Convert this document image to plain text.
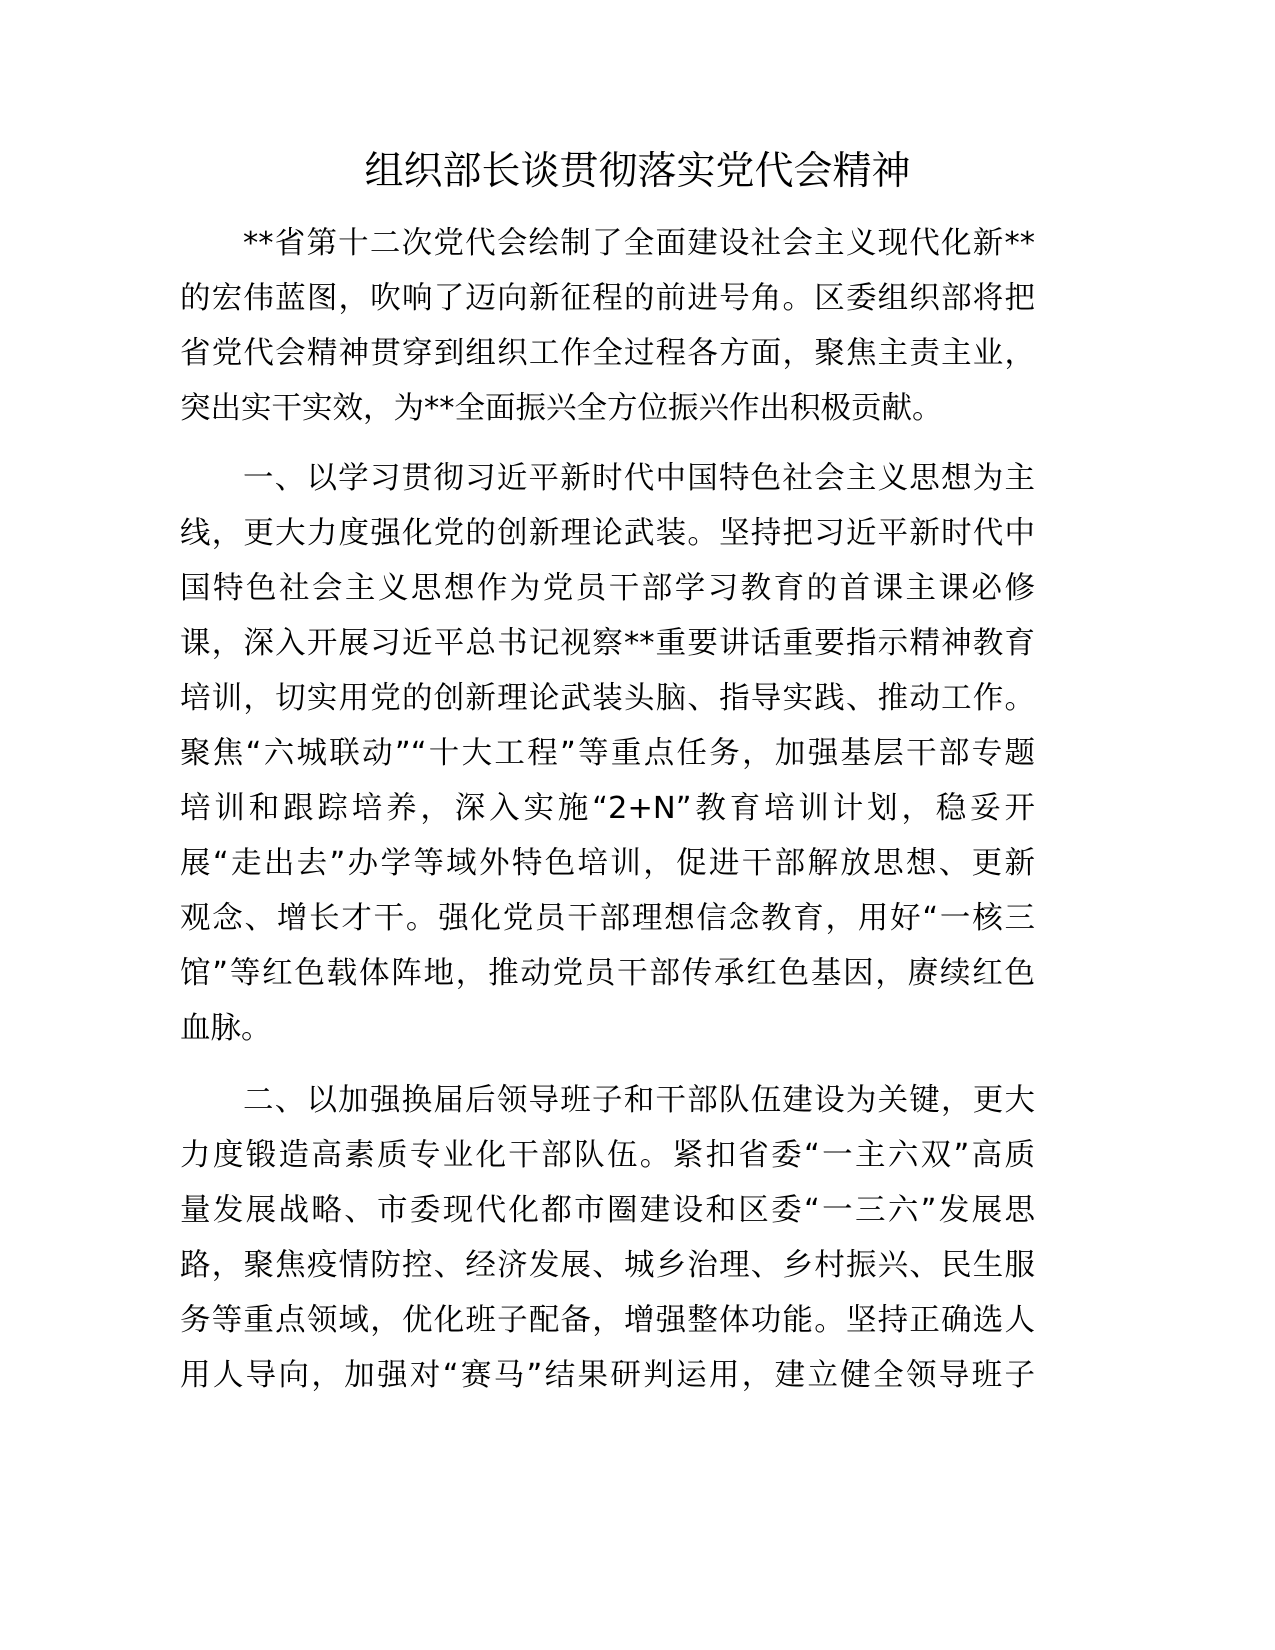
组织部长谈贯彻落实党代会精神
**省第十二次党代会绘制了全面建设社会主义现代化新**
的宏伟蓝图，吹响了迈向新征程的前进号角。区委组织部将把
省党代会精神贯穿到组织工作全过程各方面，聚焦主责主业，
突出实干实效，为**全面振兴全方位振兴作出积极贡献。
一、以学习贯彻习近平新时代中国特色社会主义思想为主
线，更大力度强化党的创新理论武装。坚持把习近平新时代中
国特色社会主义思想作为党员干部学习教育的首课主课必修
课，深入开展习近平总书记视察**重要讲话重要指示精神教育
培训，切实用党的创新理论武装头脑、指导实践、推动工作。
聚焦“六城联动”“十大工程”等重点任务，加强基层干部专题
培训和跟踪培养，深入实施“2+N”教育培训计划，稳妥开
展“走出去”办学等域外特色培训，促进干部解放思想、更新
观念、增长才干。强化党员干部理想信念教育，用好“一核三
馆”等红色载体阵地，推动党员干部传承红色基因，赓续红色
血脉。
二、以加强换届后领导班子和干部队伍建设为关键，更大
力度锻造高素质专业化干部队伍。紧扣省委“一主六双”高质
量发展战略、市委现代化都市圈建设和区委“一三六”发展思
路，聚焦疫情防控、经济发展、城乡治理、乡村振兴、民生服
务等重点领域，优化班子配备，增强整体功能。坚持正确选人
用人导向，加强对“赛马”结果研判运用，建立健全领导班子
